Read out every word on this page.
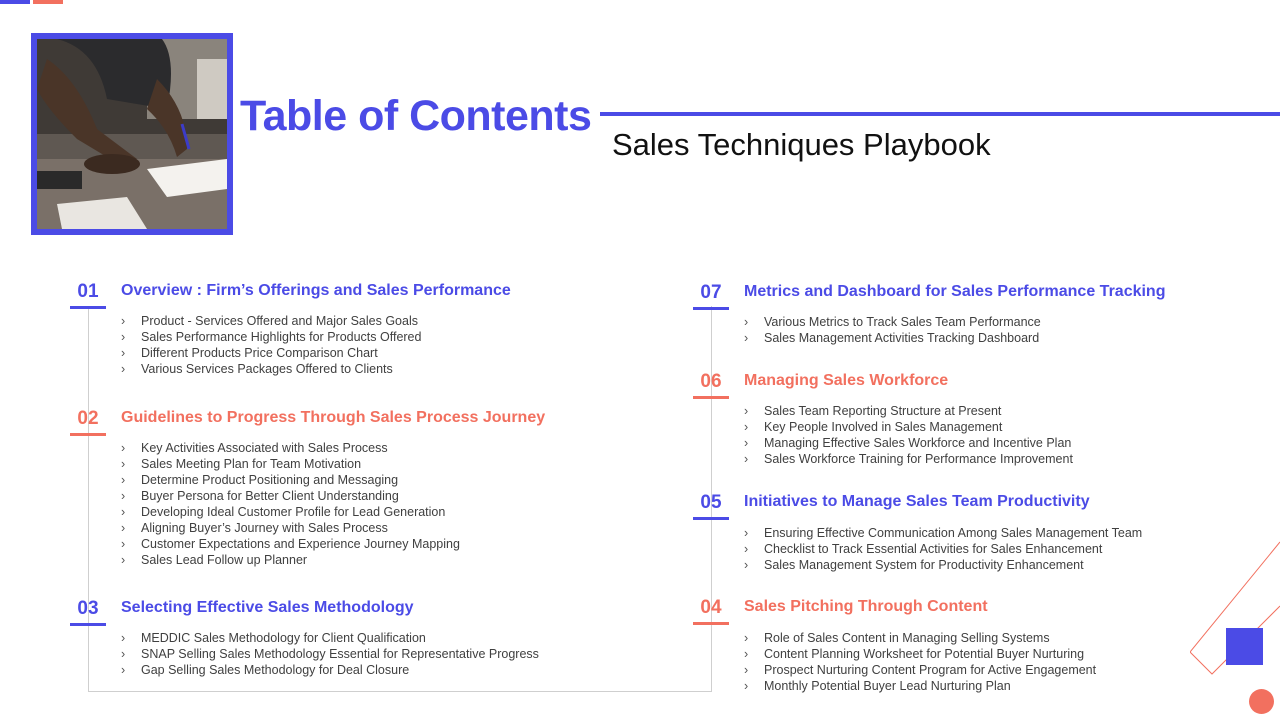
Table of Contents
Sales Techniques Playbook
01	Overview : Firm’s Offerings and Sales Performance
› Product - Services Offered and Major Sales Goals
› Sales Performance Highlights for Products Offered
› Different Products Price Comparison Chart
› Various Services Packages Offered to Clients
02	Guidelines to Progress Through Sales Process Journey
› Key Activities Associated with Sales Process
› Sales Meeting Plan for Team Motivation
› Determine Product Positioning and Messaging
› Buyer Persona for Better Client Understanding
› Developing Ideal Customer Profile for Lead Generation
› Aligning Buyer’s Journey with Sales Process
› Customer Expectations and Experience Journey Mapping
› Sales Lead Follow up Planner
03	Selecting Effective Sales Methodology
› MEDDIC Sales Methodology for Client Qualification
› SNAP Selling Sales Methodology Essential for Representative Progress
› Gap Selling Sales Methodology for Deal Closure
07	Metrics and Dashboard for Sales Performance Tracking
› Various Metrics to Track Sales Team Performance
› Sales Management Activities Tracking Dashboard
06	Managing Sales Workforce
› Sales Team Reporting Structure at Present
› Key People Involved in Sales Management
› Managing Effective Sales Workforce and Incentive Plan
› Sales Workforce Training for Performance Improvement
05	Initiatives to Manage Sales Team Productivity
› Ensuring Effective Communication Among Sales Management Team
› Checklist to Track Essential Activities for Sales Enhancement
› Sales Management System for Productivity Enhancement
04	Sales Pitching Through Content
› Role of Sales Content in Managing Selling Systems
› Content Planning Worksheet for Potential Buyer Nurturing
› Prospect Nurturing Content Program for Active Engagement
› Monthly Potential Buyer Lead Nurturing Plan
